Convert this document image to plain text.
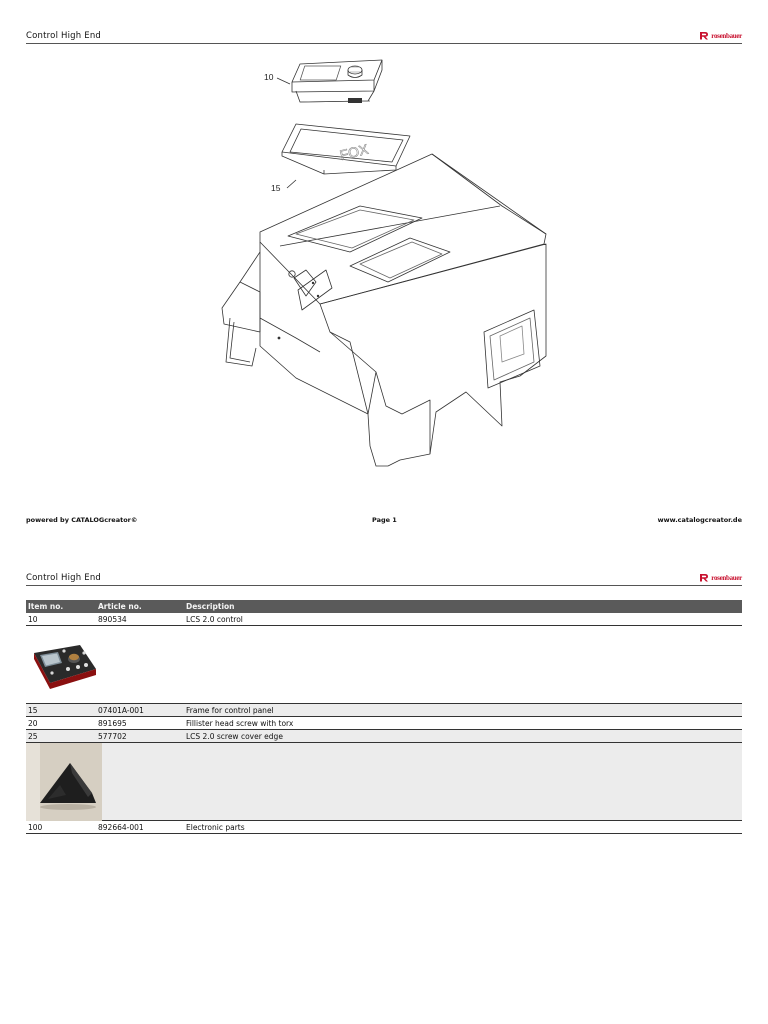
Control High End	rosenbauer
FOX
10
15
powered by CATALOGcreator©	Page 1	www.catalogcreator.de
Control High End	rosenbauer
Item no.	Article no.	Description
10	890534	LCS 2.0 control
15	07401A-001	Frame for control panel
20	891695	Fillister head screw with torx
25	577702	LCS 2.0 screw cover edge
100	892664-001	Electronic parts
